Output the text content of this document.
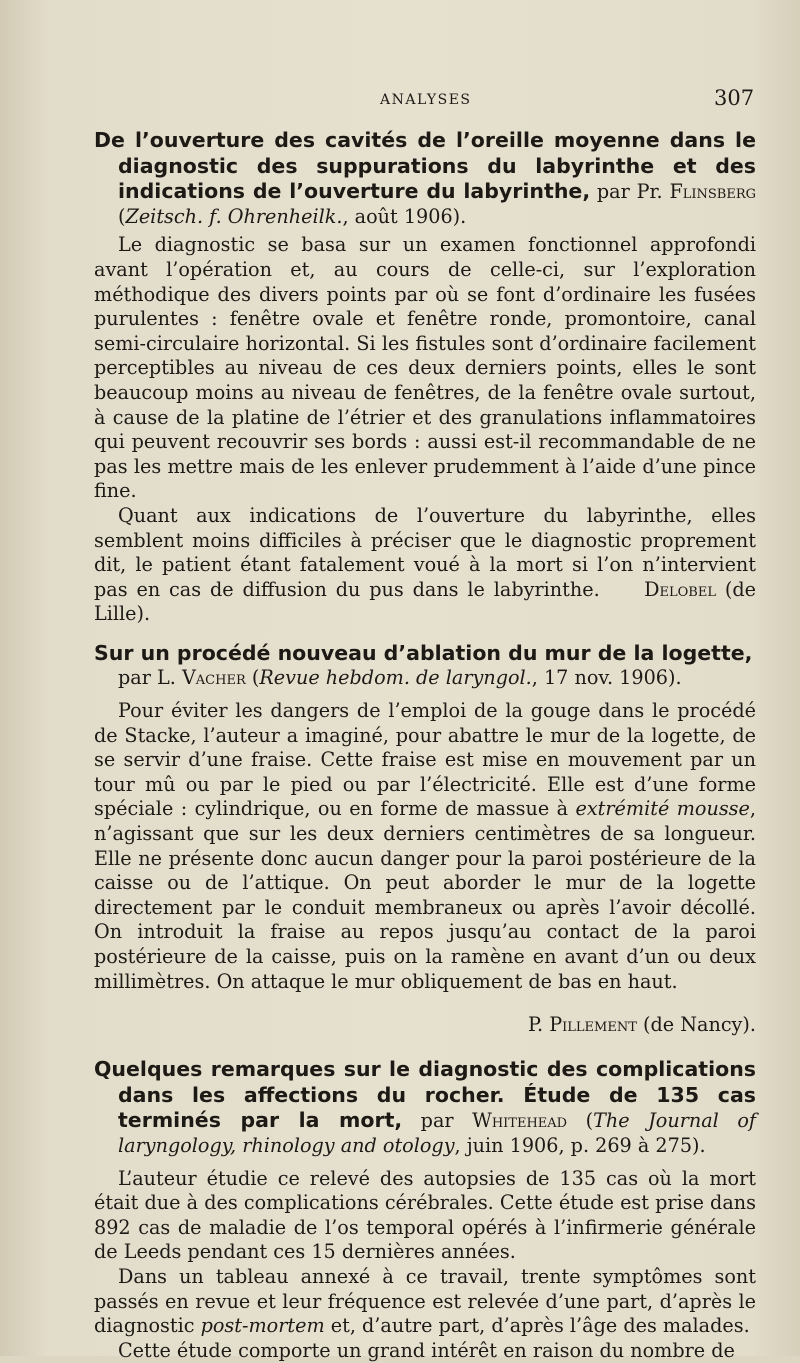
ANALYSES	307

De l’ouverture des cavités de l’oreille moyenne dans le diagnostic des suppurations du labyrinthe et des indications de l’ouverture du labyrinthe, par Pr. Flinsberg (Zeitsch. f. Ohrenheilk., août 1906).

Le diagnostic se basa sur un examen fonctionnel approfondi avant l’opération et, au cours de celle-ci, sur l’exploration méthodique des divers points par où se font d’ordinaire les fusées purulentes : fenêtre ovale et fenêtre ronde, promontoire, canal semi-circulaire horizontal. Si les fistules sont d’ordinaire facilement perceptibles au niveau de ces deux derniers points, elles le sont beaucoup moins au niveau de fenêtres, de la fenêtre ovale surtout, à cause de la platine de l’étrier et des granulations inflammatoires qui peuvent recouvrir ses bords : aussi est-il recommandable de ne pas les mettre mais de les enlever prudemment à l’aide d’une pince fine.

Quant aux indications de l’ouverture du labyrinthe, elles semblent moins difficiles à préciser que le diagnostic proprement dit, le patient étant fatalement voué à la mort si l’on n’intervient pas en cas de diffusion du pus dans le labyrinthe. Delobel (de Lille).

Sur un procédé nouveau d’ablation du mur de la logette,
par L. Vacher (Revue hebdom. de laryngol., 17 nov. 1906).

Pour éviter les dangers de l’emploi de la gouge dans le procédé de Stacke, l’auteur a imaginé, pour abattre le mur de la logette, de se servir d’une fraise. Cette fraise est mise en mouvement par un tour mû ou par le pied ou par l’électricité. Elle est d’une forme spéciale : cylindrique, ou en forme de massue à extrémité mousse, n’agissant que sur les deux derniers centimètres de sa longueur. Elle ne présente donc aucun danger pour la paroi postérieure de la caisse ou de l’attique. On peut aborder le mur de la logette directement par le conduit membraneux ou après l’avoir décollé. On introduit la fraise au repos jusqu’au contact de la paroi postérieure de la caisse, puis on la ramène en avant d’un ou deux millimètres. On attaque le mur obliquement de bas en haut.

P. Pillement (de Nancy).

Quelques remarques sur le diagnostic des complications dans les affections du rocher. Étude de 135 cas terminés par la mort, par Whitehead (The Journal of laryngology, rhinology and otology, juin 1906, p. 269 à 275).

L’auteur étudie ce relevé des autopsies de 135 cas où la mort était due à des complications cérébrales. Cette étude est prise dans 892 cas de maladie de l’os temporal opérés à l’infirmerie générale de Leeds pendant ces 15 dernières années.

Dans un tableau annexé à ce travail, trente symptômes sont passés en revue et leur fréquence est relevée d’une part, d’après le diagnostic post-mortem et, d’autre part, d’après l’âge des malades.

Cette étude comporte un grand intérêt en raison du nombre de
